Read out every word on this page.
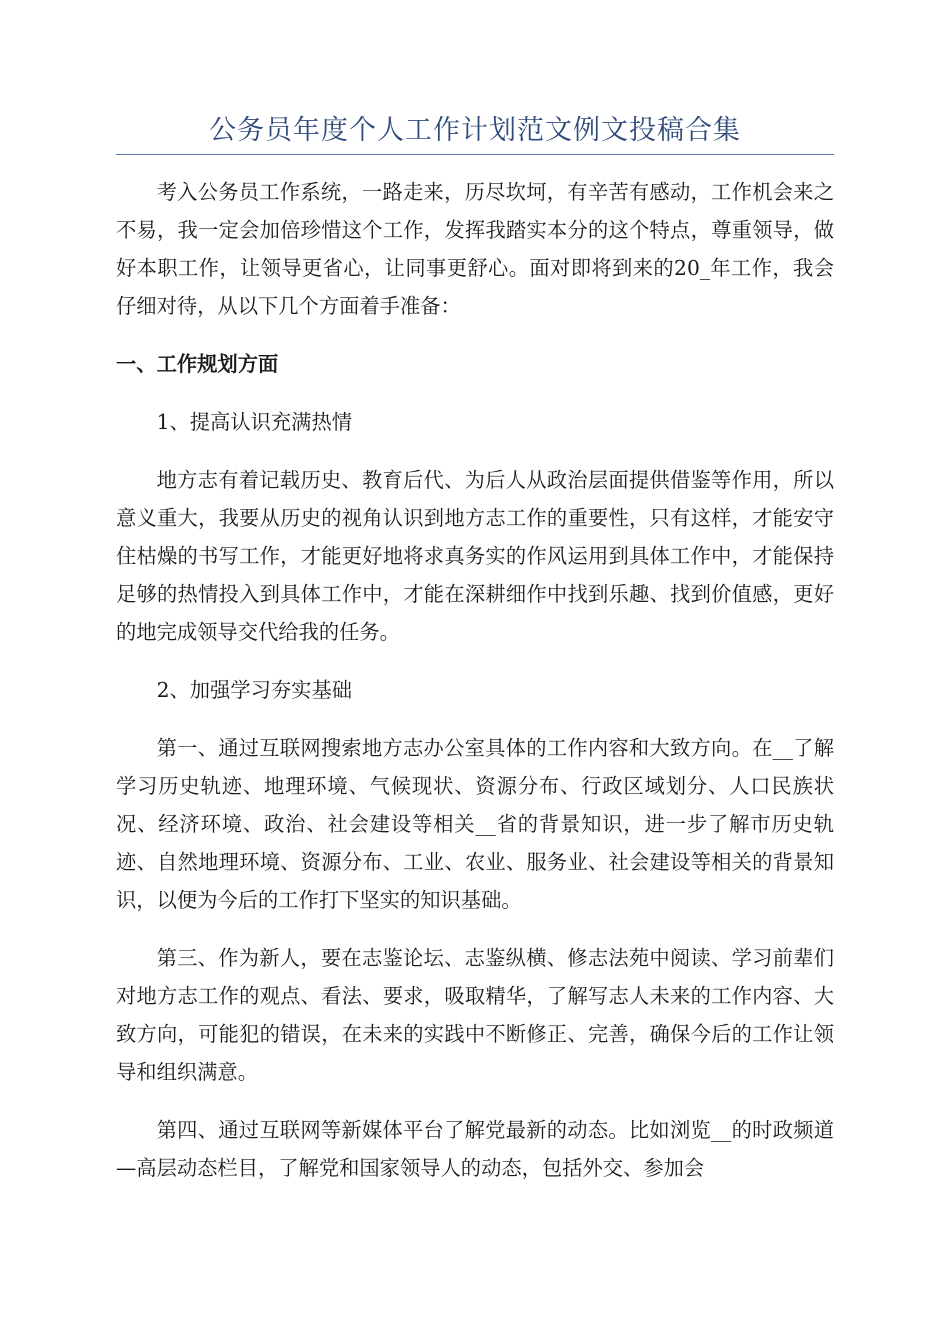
公务员年度个人工作计划范文例文投稿合集

考入公务员工作系统，一路走来，历尽坎坷，有辛苦有感动，工作机会来之不易，我一定会加倍珍惜这个工作，发挥我踏实本分的这个特点，尊重领导，做好本职工作，让领导更省心，让同事更舒心。面对即将到来的20_年工作，我会仔细对待，从以下几个方面着手准备：

一、工作规划方面

1、提高认识充满热情

地方志有着记载历史、教育后代、为后人从政治层面提供借鉴等作用，所以意义重大，我要从历史的视角认识到地方志工作的重要性，只有这样，才能安守住枯燥的书写工作，才能更好地将求真务实的作风运用到具体工作中，才能保持足够的热情投入到具体工作中，才能在深耕细作中找到乐趣、找到价值感，更好的地完成领导交代给我的任务。

2、加强学习夯实基础

第一、通过互联网搜索地方志办公室具体的工作内容和大致方向。在__了解学习历史轨迹、地理环境、气候现状、资源分布、行政区域划分、人口民族状况、经济环境、政治、社会建设等相关__省的背景知识，进一步了解市历史轨迹、自然地理环境、资源分布、工业、农业、服务业、社会建设等相关的背景知识，以便为今后的工作打下坚实的知识基础。

第三、作为新人，要在志鉴论坛、志鉴纵横、修志法苑中阅读、学习前辈们对地方志工作的观点、看法、要求，吸取精华，了解写志人未来的工作内容、大致方向，可能犯的错误，在未来的实践中不断修正、完善，确保今后的工作让领导和组织满意。

第四、通过互联网等新媒体平台了解党最新的动态。比如浏览__的时政频道—高层动态栏目，了解党和国家领导人的动态，包括外交、参加会
